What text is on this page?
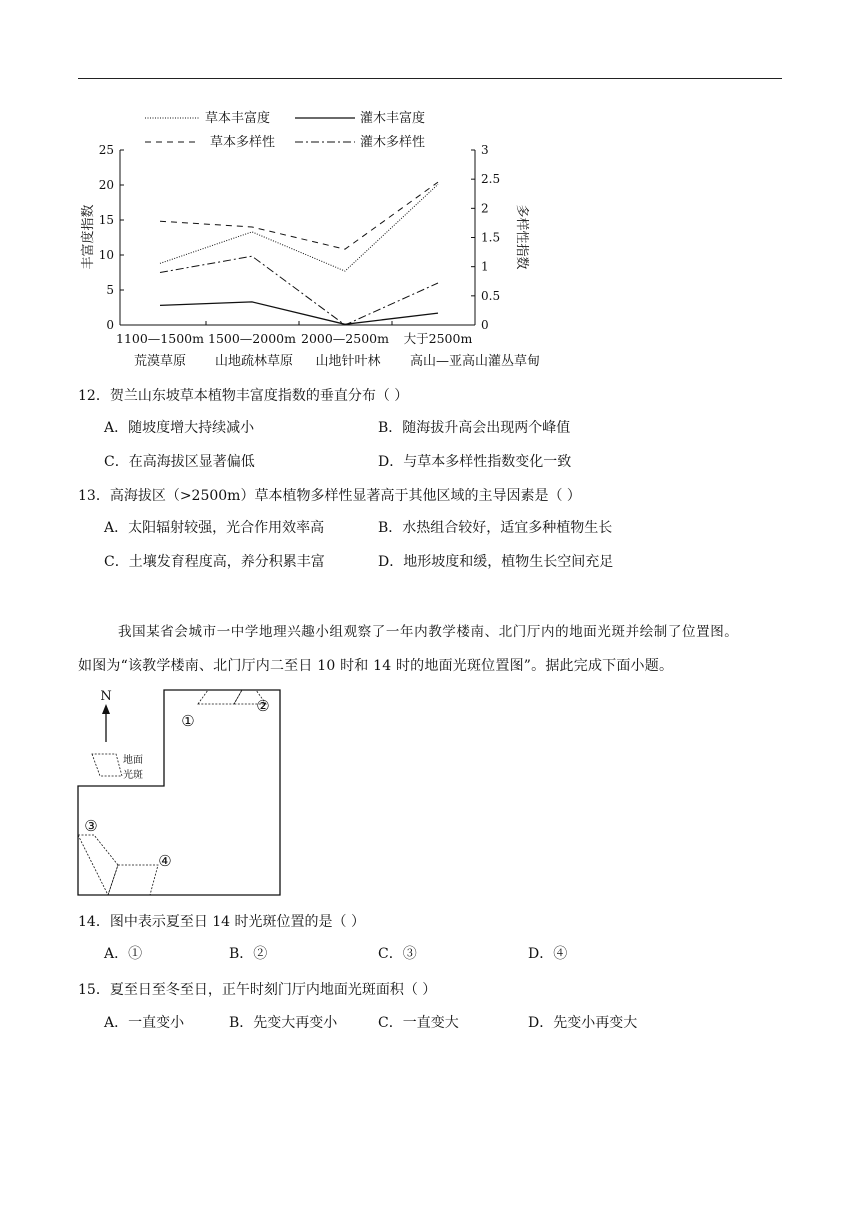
草本丰富度	灌木丰富度
草本多样性	灌木多样性
0
5
10
15
20
25
0
0.5
1
1.5
2
2.5
3
1100—1500m 1500—2000m 2000—2500m 大于2500m
荒漠草原 山地疏林草原 山地针叶林 高山—亚高山灌丛草甸
丰富度指数	多样性指数
12．贺兰山东坡草本植物丰富度指数的垂直分布（ ）
A．随坡度增大持续减小	B．随海拔升高会出现两个峰值
C．在高海拔区显著偏低	D．与草本多样性指数变化一致
13．高海拔区（>2500m）草本植物多样性显著高于其他区域的主导因素是（ ）
A．太阳辐射较强，光合作用效率高	B．水热组合较好，适宜多种植物生长
C．土壤发育程度高，养分积累丰富	D．地形坡度和缓，植物生长空间充足
我国某省会城市一中学地理兴趣小组观察了一年内教学楼南、北门厅内的地面光斑并绘制了位置图。
如图为“该教学楼南、北门厅内二至日 10 时和 14 时的地面光斑位置图”。据此完成下面小题。
N
地面
光斑
①
②
③
④
14．图中表示夏至日 14 时光斑位置的是（ ）
A．①	B．②	C．③	D．④
15．夏至日至冬至日，正午时刻门厅内地面光斑面积（ ）
A．一直变小	B．先变大再变小	C．一直变大	D．先变小再变大
